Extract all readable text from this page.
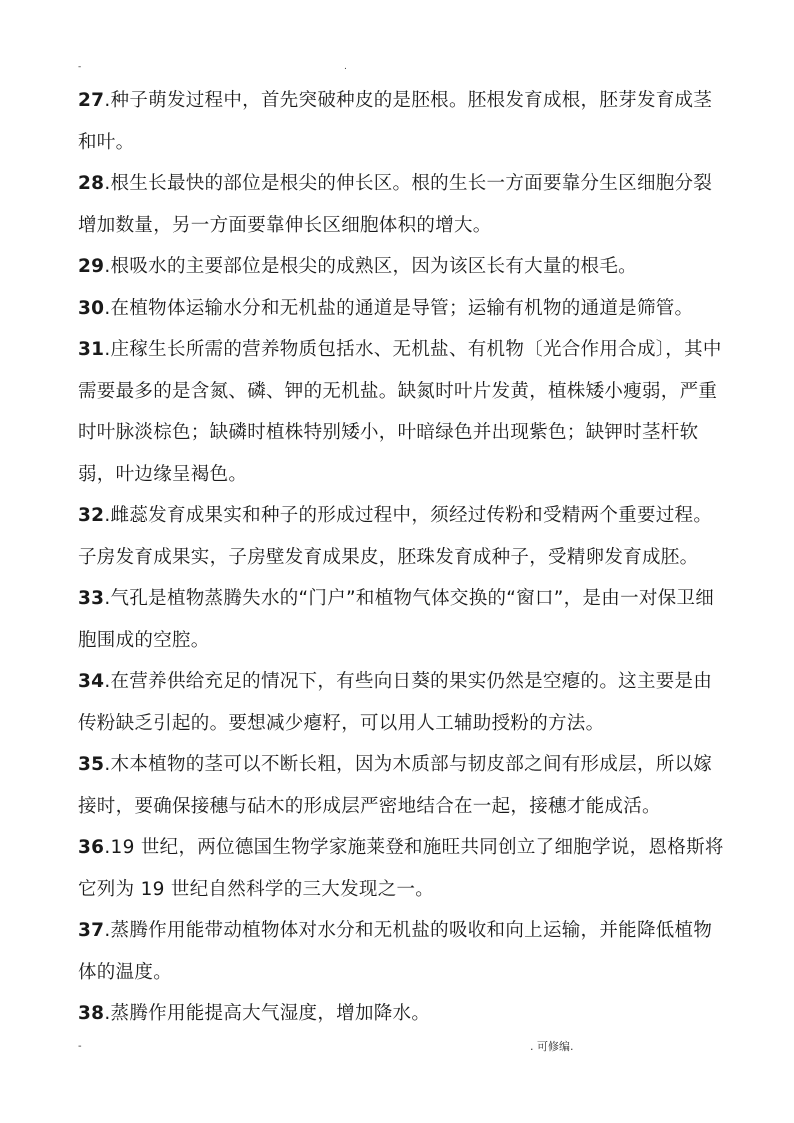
-	.

27.种子萌发过程中，首先突破种皮的是胚根。胚根发育成根，胚芽发育成茎和叶。

28.根生长最快的部位是根尖的伸长区。根的生长一方面要靠分生区细胞分裂增加数量，另一方面要靠伸长区细胞体积的增大。

29.根吸水的主要部位是根尖的成熟区，因为该区长有大量的根毛。

30.在植物体运输水分和无机盐的通道是导管；运输有机物的通道是筛管。

31.庄稼生长所需的营养物质包括水、无机盐、有机物〔光合作用合成〕，其中需要最多的是含氮、磷、钾的无机盐。缺氮时叶片发黄，植株矮小瘦弱，严重时叶脉淡棕色；缺磷时植株特别矮小，叶暗绿色并出现紫色；缺钾时茎杆软弱，叶边缘呈褐色。

32.雌蕊发育成果实和种子的形成过程中，须经过传粉和受精两个重要过程。子房发育成果实，子房壁发育成果皮，胚珠发育成种子，受精卵发育成胚。

33.气孔是植物蒸腾失水的“门户”和植物气体交换的“窗口”，是由一对保卫细胞围成的空腔。

34.在营养供给充足的情况下，有些向日葵的果实仍然是空瘪的。这主要是由传粉缺乏引起的。要想减少瘪籽，可以用人工辅助授粉的方法。

35.木本植物的茎可以不断长粗，因为木质部与韧皮部之间有形成层，所以嫁接时，要确保接穗与砧木的形成层严密地结合在一起，接穗才能成活。

36.19 世纪，两位德国生物学家施莱登和施旺共同创立了细胞学说，恩格斯将它列为 19 世纪自然科学的三大发现之一。

37.蒸腾作用能带动植物体对水分和无机盐的吸收和向上运输，并能降低植物体的温度。

38.蒸腾作用能提高大气湿度，增加降水。

-	. 可修编.
